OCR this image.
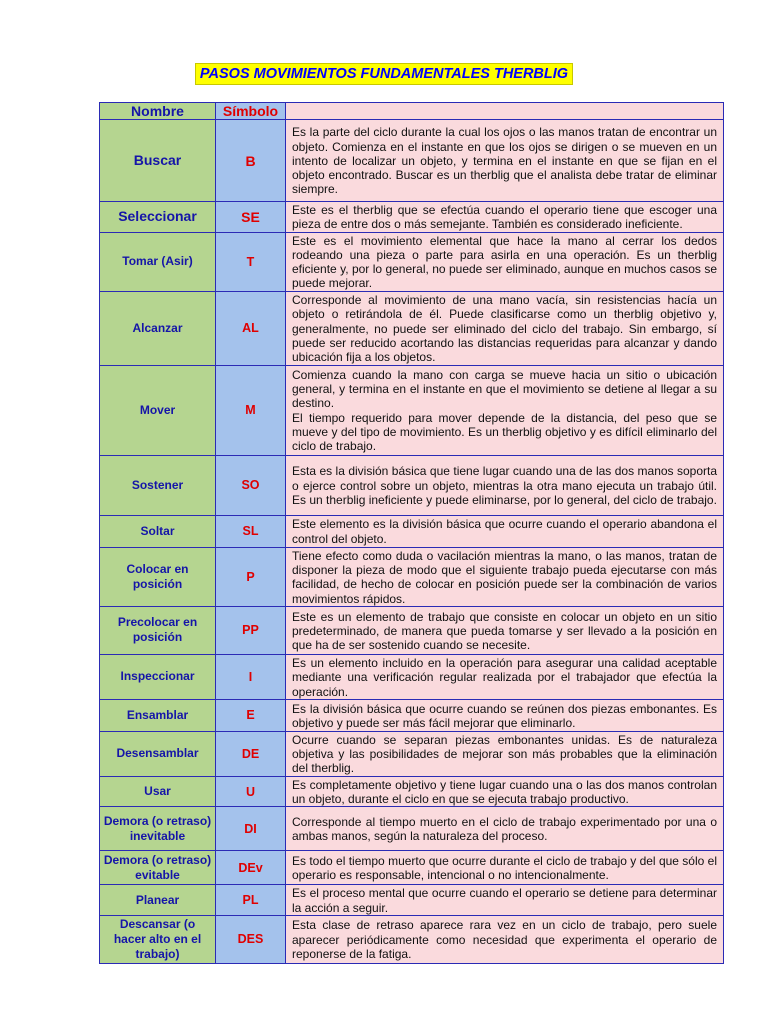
PASOS MOVIMIENTOS FUNDAMENTALES THERBLIG
Nombre	Símbolo	
Buscar	B	Es la parte del ciclo durante la cual los ojos o las manos tratan de encontrar un objeto. Comienza en el instante en que los ojos se dirigen o se mueven en un intento de localizar un objeto, y termina en el instante en que se fijan en el objeto encontrado. Buscar es un therblig que el analista debe tratar de eliminar siempre.

Seleccionar	SE	Este es el therblig que se efectúa cuando el operario tiene que escoger una pieza de entre dos o más semejante. También es considerado ineficiente.

Tomar (Asir)	T	Este es el movimiento elemental que hace la mano al cerrar los dedos rodeando una pieza o parte para asirla en una operación. Es un therblig eficiente y, por lo general, no puede ser eliminado, aunque en muchos casos se puede mejorar.

Alcanzar	AL	Corresponde al movimiento de una mano vacía, sin resistencias hacía un objeto o retirándola de él. Puede clasificarse como un therblig objetivo y, generalmente, no puede ser eliminado del ciclo del trabajo. Sin embargo, sí puede ser reducido acortando las distancias requeridas para alcanzar y dando ubicación fija a los objetos.

Mover	M	Comienza cuando la mano con carga se mueve hacia un sitio o ubicación general, y termina en el instante en que el movimiento se detiene al llegar a su destino.

El tiempo requerido para mover depende de la distancia, del peso que se mueve y del tipo de movimiento. Es un therblig objetivo y es difícil eliminarlo del ciclo de trabajo.

Sostener	SO	Esta es la división básica que tiene lugar cuando una de las dos manos soporta o ejerce control sobre un objeto, mientras la otra mano ejecuta un trabajo útil. Es un therblig ineficiente y puede eliminarse, por lo general, del ciclo de trabajo.

Soltar	SL	Este elemento es la división básica que ocurre cuando el operario abandona el control del objeto.

Colocar en posición	P	Tiene efecto como duda o vacilación mientras la mano, o las manos, tratan de disponer la pieza de modo que el siguiente trabajo pueda ejecutarse con más facilidad, de hecho de colocar en posición puede ser la combinación de varios movimientos rápidos.

Precolocar en posición	PP	Este es un elemento de trabajo que consiste en colocar un objeto en un sitio predeterminado, de manera que pueda tomarse y ser llevado a la posición en que ha de ser sostenido cuando se necesite.

Inspeccionar	I	Es un elemento incluido en la operación para asegurar una calidad aceptable mediante una verificación regular realizada por el trabajador que efectúa la operación.

Ensamblar	E	Es la división básica que ocurre cuando se reúnen dos piezas embonantes. Es objetivo y puede ser más fácil mejorar que eliminarlo.

Desensamblar	DE	Ocurre cuando se separan piezas embonantes unidas. Es de naturaleza objetiva y las posibilidades de mejorar son más probables que la eliminación del therblig.

Usar	U	Es completamente objetivo y tiene lugar cuando una o las dos manos controlan un objeto, durante el ciclo en que se ejecuta trabajo productivo.

Demora (o retraso) inevitable	DI	Corresponde al tiempo muerto en el ciclo de trabajo experimentado por una o ambas manos, según la naturaleza del proceso.

Demora (o retraso) evitable	DEv	Es todo el tiempo muerto que ocurre durante el ciclo de trabajo y del que sólo el operario es responsable, intencional o no intencionalmente.

Planear	PL	Es el proceso mental que ocurre cuando el operario se detiene para determinar la acción a seguir.

Descansar (o hacer alto en el trabajo)	DES	Esta clase de retraso aparece rara vez en un ciclo de trabajo, pero suele aparecer periódicamente como necesidad que experimenta el operario de reponerse de la fatiga.
